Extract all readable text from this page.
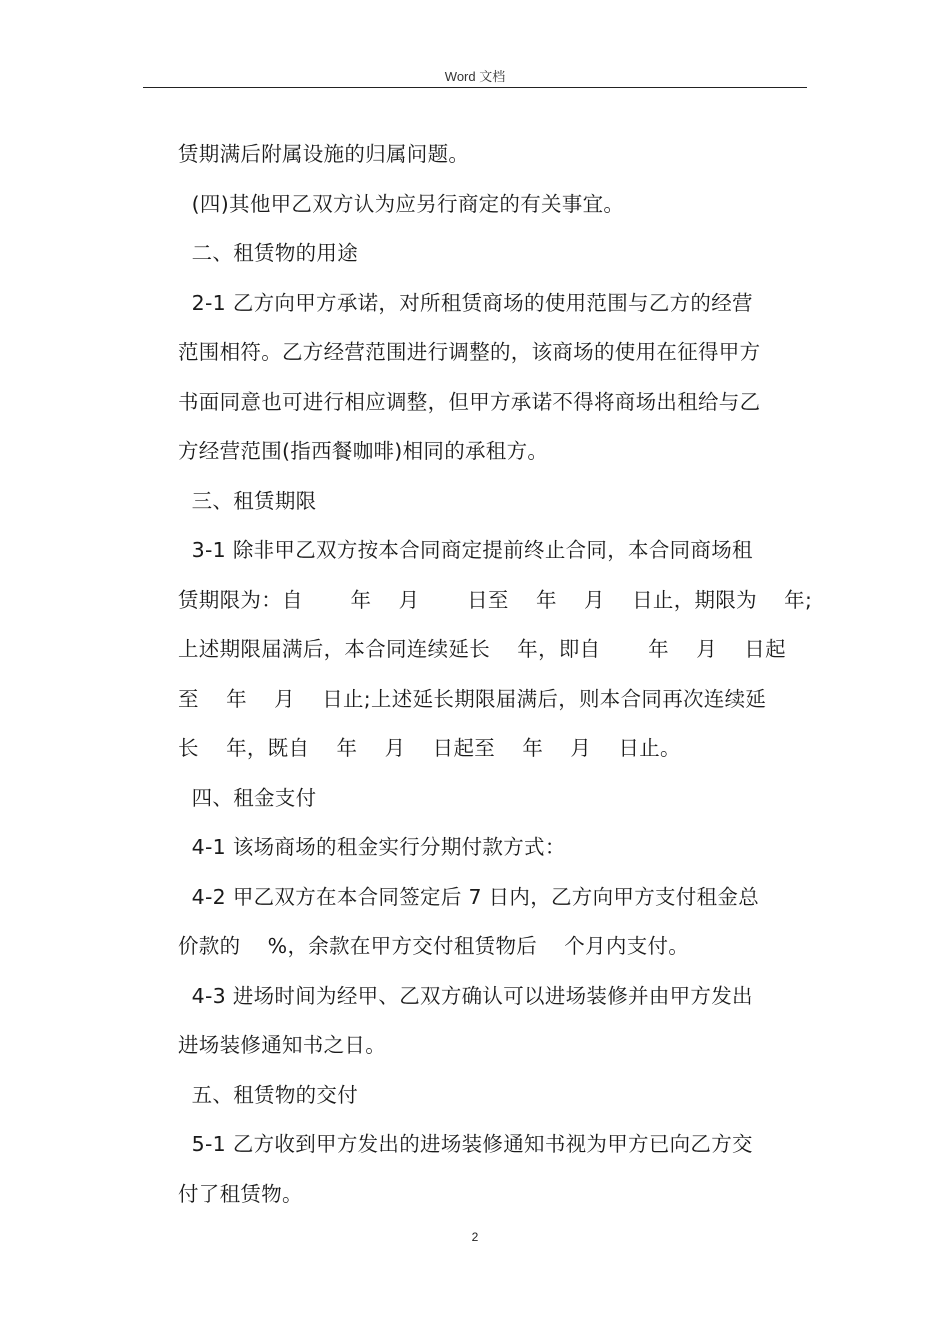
Word 文档
赁期满后附属设施的归属问题。
(四)其他甲乙双方认为应另行商定的有关事宜。
二、租赁物的用途
2-1 乙方向甲方承诺，对所租赁商场的使用范围与乙方的经营
范围相符。乙方经营范围进行调整的，该商场的使用在征得甲方
书面同意也可进行相应调整，但甲方承诺不得将商场出租给与乙
方经营范围(指西餐咖啡)相同的承租方。
三、租赁期限
3-1 除非甲乙双方按本合同商定提前终止合同，本合同商场租
赁期限为：自       年    月       日至    年    月    日止，期限为    年;
上述期限届满后，本合同连续延长    年，即自       年    月    日起
至    年    月    日止;上述延长期限届满后，则本合同再次连续延
长    年，既自    年    月    日起至    年    月    日止。
四、租金支付
4-1 该场商场的租金实行分期付款方式：
4-2 甲乙双方在本合同签定后 7 日内，乙方向甲方支付租金总
价款的    %，余款在甲方交付租赁物后    个月内支付。
4-3 进场时间为经甲、乙双方确认可以进场装修并由甲方发出
进场装修通知书之日。
五、租赁物的交付
5-1 乙方收到甲方发出的进场装修通知书视为甲方已向乙方交
付了租赁物。
2
